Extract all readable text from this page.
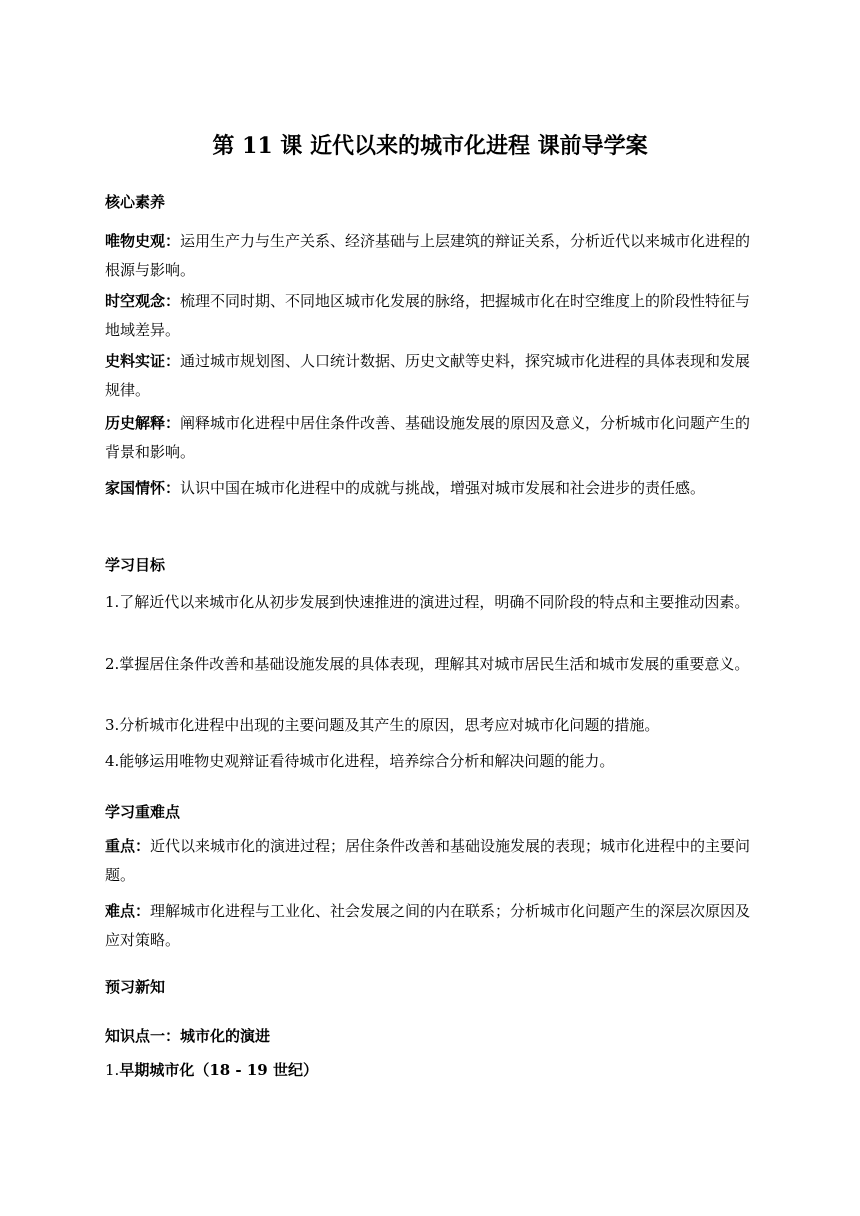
第 11 课 近代以来的城市化进程 课前导学案
核心素养
唯物史观：运用生产力与生产关系、经济基础与上层建筑的辩证关系，分析近代以来城市化进程的根源与影响。
时空观念：梳理不同时期、不同地区城市化发展的脉络，把握城市化在时空维度上的阶段性特征与地域差异。
史料实证：通过城市规划图、人口统计数据、历史文献等史料，探究城市化进程的具体表现和发展规律。
历史解释：阐释城市化进程中居住条件改善、基础设施发展的原因及意义，分析城市化问题产生的背景和影响。
家国情怀：认识中国在城市化进程中的成就与挑战，增强对城市发展和社会进步的责任感。
学习目标
1.了解近代以来城市化从初步发展到快速推进的演进过程，明确不同阶段的特点和主要推动因素。
2.掌握居住条件改善和基础设施发展的具体表现，理解其对城市居民生活和城市发展的重要意义。
3.分析城市化进程中出现的主要问题及其产生的原因，思考应对城市化问题的措施。
4.能够运用唯物史观辩证看待城市化进程，培养综合分析和解决问题的能力。
学习重难点
重点：近代以来城市化的演进过程；居住条件改善和基础设施发展的表现；城市化进程中的主要问题。
难点：理解城市化进程与工业化、社会发展之间的内在联系；分析城市化问题产生的深层次原因及应对策略。
预习新知
知识点一：城市化的演进
1.早期城市化（18 - 19 世纪）
